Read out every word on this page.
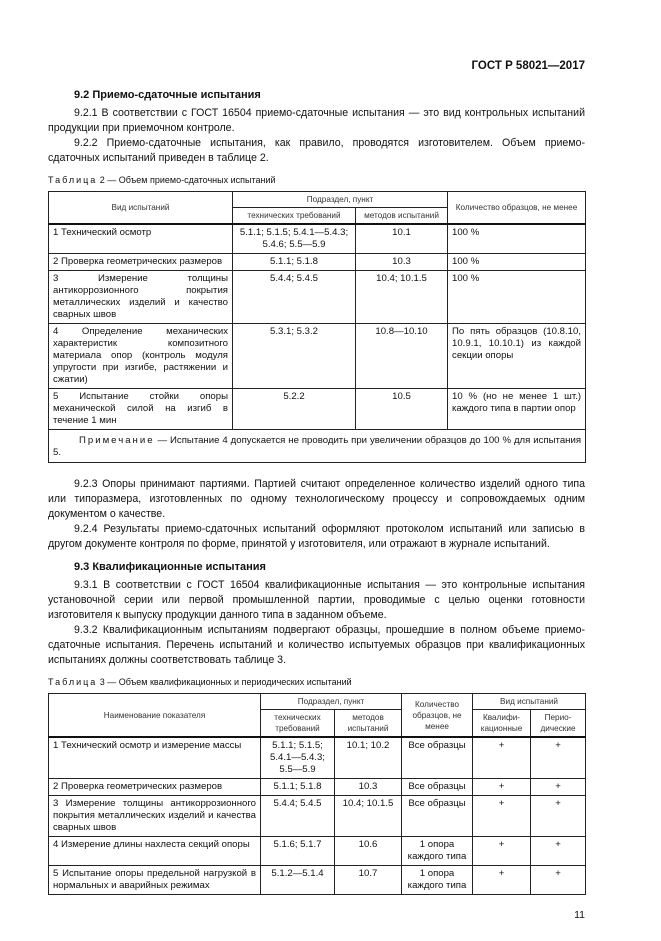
ГОСТ Р 58021—2017
9.2 Приемо-сдаточные испытания
9.2.1 В соответствии с ГОСТ 16504 приемо-сдаточные испытания — это вид контрольных испытаний продукции при приемочном контроле.
9.2.2 Приемо-сдаточные испытания, как правило, проводятся изготовителем. Объем приемо-сдаточных испытаний приведен в таблице 2.
Таблица 2 — Объем приемо-сдаточных испытаний
Вид испытаний	Подраздел, пункт		Количество образцов, не менее
	технических требований	методов испытаний	
1 Технический осмотр	5.1.1; 5.1.5; 5.4.1—5.4.3; 5.4.6; 5.5—5.9	10.1	100 %
2 Проверка геометрических размеров	5.1.1; 5.1.8	10.3	100 %
3 Измерение толщины антикоррозионного покрытия металлических изделий и качество сварных швов	5.4.4; 5.4.5	10.4; 10.1.5	100 %
4 Определение механических характеристик композитного материала опор (контроль модуля упругости при изгибе, растяжении и сжатии)	5.3.1; 5.3.2	10.8—10.10	По пять образцов (10.8.10, 10.9.1, 10.10.1) из каждой секции опоры
5 Испытание стойки опоры механической силой на изгиб в течение 1 мин	5.2.2	10.5	10 % (но не менее 1 шт.) каждого типа в партии опор
Примечание — Испытание 4 допускается не проводить при увеличении образцов до 100 % для испытания 5.			
9.2.3 Опоры принимают партиями. Партией считают определенное количество изделий одного типа или типоразмера, изготовленных по одному технологическому процессу и сопровождаемых одним документом о качестве.
9.2.4 Результаты приемо-сдаточных испытаний оформляют протоколом испытаний или записью в другом документе контроля по форме, принятой у изготовителя, или отражают в журнале испытаний.
9.3 Квалификационные испытания
9.3.1 В соответствии с ГОСТ 16504 квалификационные испытания — это контрольные испытания установочной серии или первой промышленной партии, проводимые с целью оценки готовности изготовителя к выпуску продукции данного типа в заданном объеме.
9.3.2 Квалификационным испытаниям подвергают образцы, прошедшие в полном объеме приемо-сдаточные испытания. Перечень испытаний и количество испытуемых образцов при квалификационных испытаниях должны соответствовать таблице 3.
Таблица 3 — Объем квалификационных и периодических испытаний
Наименование показателя	Подраздел, пункт		Количество образцов, не менее	Вид испытаний	
	технических требований	методов испытаний		Квалифи-кационные	Перио-дические
1 Технический осмотр и измерение массы	5.1.1; 5.1.5; 5.4.1—5.4.3; 5.5—5.9	10.1; 10.2	Все образцы	+	+
2 Проверка геометрических размеров	5.1.1; 5.1.8	10.3	Все образцы	+	+
3 Измерение толщины антикоррозионного покрытия металлических изделий и качества сварных швов	5.4.4; 5.4.5	10.4; 10.1.5	Все образцы	+	+
4 Измерение длины нахлеста секций опоры	5.1.6; 5.1.7	10.6	1 опора каждого типа	+	+
5 Испытание опоры предельной нагрузкой в нормальных и аварийных режимах	5.1.2—5.1.4	10.7	1 опора каждого типа	+	+
11
